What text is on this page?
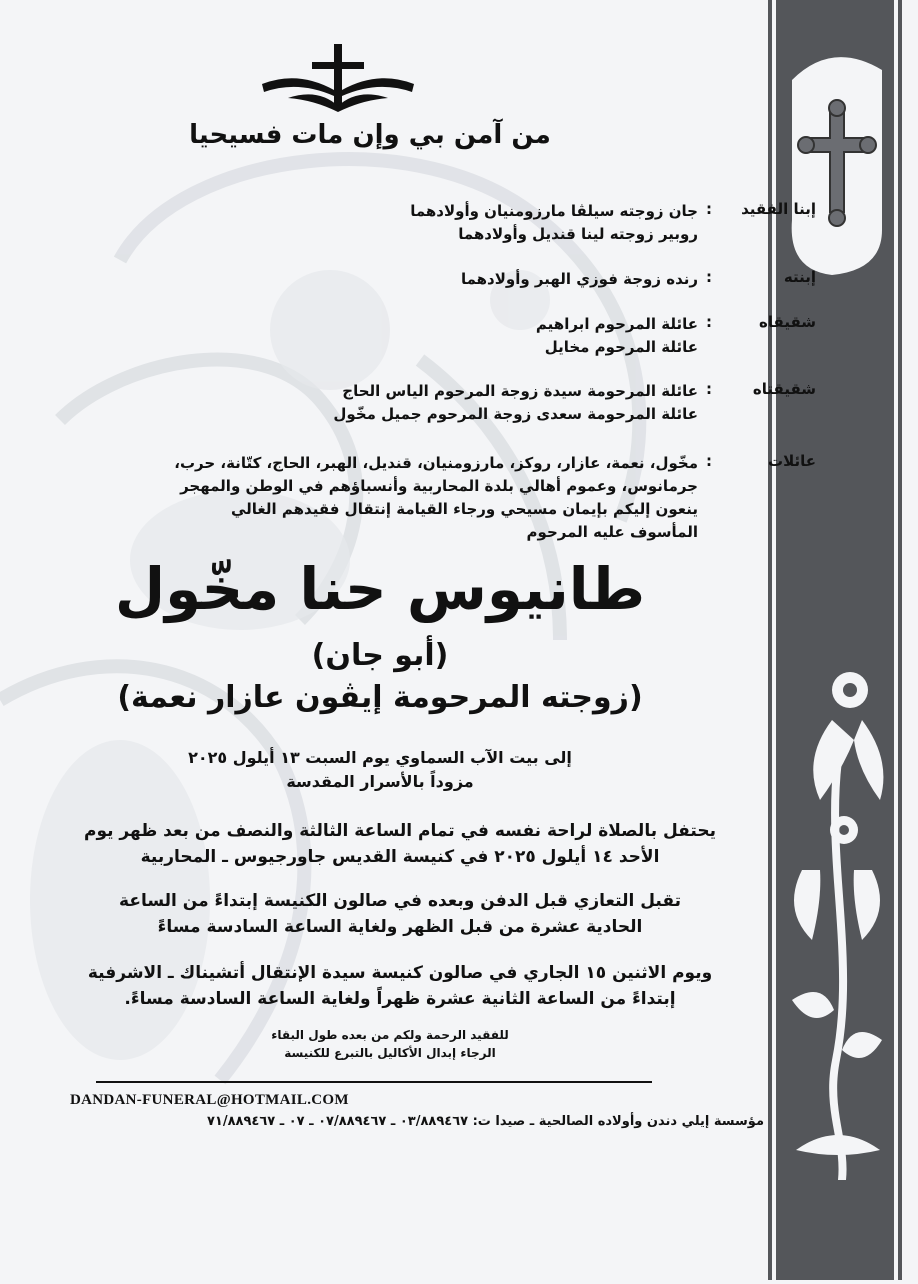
من آمن بي وإن مات فسيحيا
إبنا الفقيد
:
جان زوجته سيلڤا مارزومنيان وأولادهما
روبير زوجته لينا قنديل وأولادهما
إبنته
:
رنده زوجة فوزي الهبر وأولادهما
شقيقاه
:
عائلة المرحوم ابراهيم
عائلة المرحوم مخايل
شقيقتاه
:
عائلة المرحومة سيدة زوجة المرحوم الياس الحاج
عائلة المرحومة سعدى زوجة المرحوم جميل مخّول
عائلات
:
مخّول، نعمة، عازار، روكز، مارزومنيان، قنديل، الهبر، الحاج، كتّانة، حرب،
جرمانوس، وعموم أهالي بلدة المحاربية وأنسباؤهم في الوطن والمهجر
ينعون إليكم بإيمان مسيحي ورجاء القيامة إنتقال فقيدهم الغالي
المأسوف عليه المرحوم
طانيوس حنا مخّول
(أبو جان)
(زوجته المرحومة إيڤون عازار نعمة)
إلى بيت الآب السماوي يوم السبت ١٣ أيلول ٢٠٢٥
مزوداً بالأسرار المقدسة
يحتفل بالصلاة لراحة نفسه في تمام الساعة الثالثة والنصف من بعد ظهر يوم
الأحد ١٤ أيلول ٢٠٢٥ في كنيسة القديس جاورجيوس ـ المحاربية
تقبل التعازي قبل الدفن وبعده في صالون الكنيسة إبتداءً من الساعة
الحادية عشرة من قبل الظهر ولغاية الساعة السادسة مساءً
ويوم الاثنين ١٥ الجاري في صالون كنيسة سيدة الإنتقال أتشيناك ـ الاشرفية
إبتداءً من الساعة الثانية عشرة ظهراً ولغاية الساعة السادسة مساءً.
للفقيد الرحمة ولكم من بعده طول البقاء
الرجاء إبدال الأكاليل بالتبرع للكنيسة
DANDAN-FUNERAL@HOTMAIL.COM
مؤسسة إيلي دندن وأولاده الصالحية ـ صيدا ت: ٠٣/٨٨٩٤٦٧ ـ ٠٧/٨٨٩٤٦٧ ـ ٠٧ ـ ٧١/٨٨٩٤٦٧
